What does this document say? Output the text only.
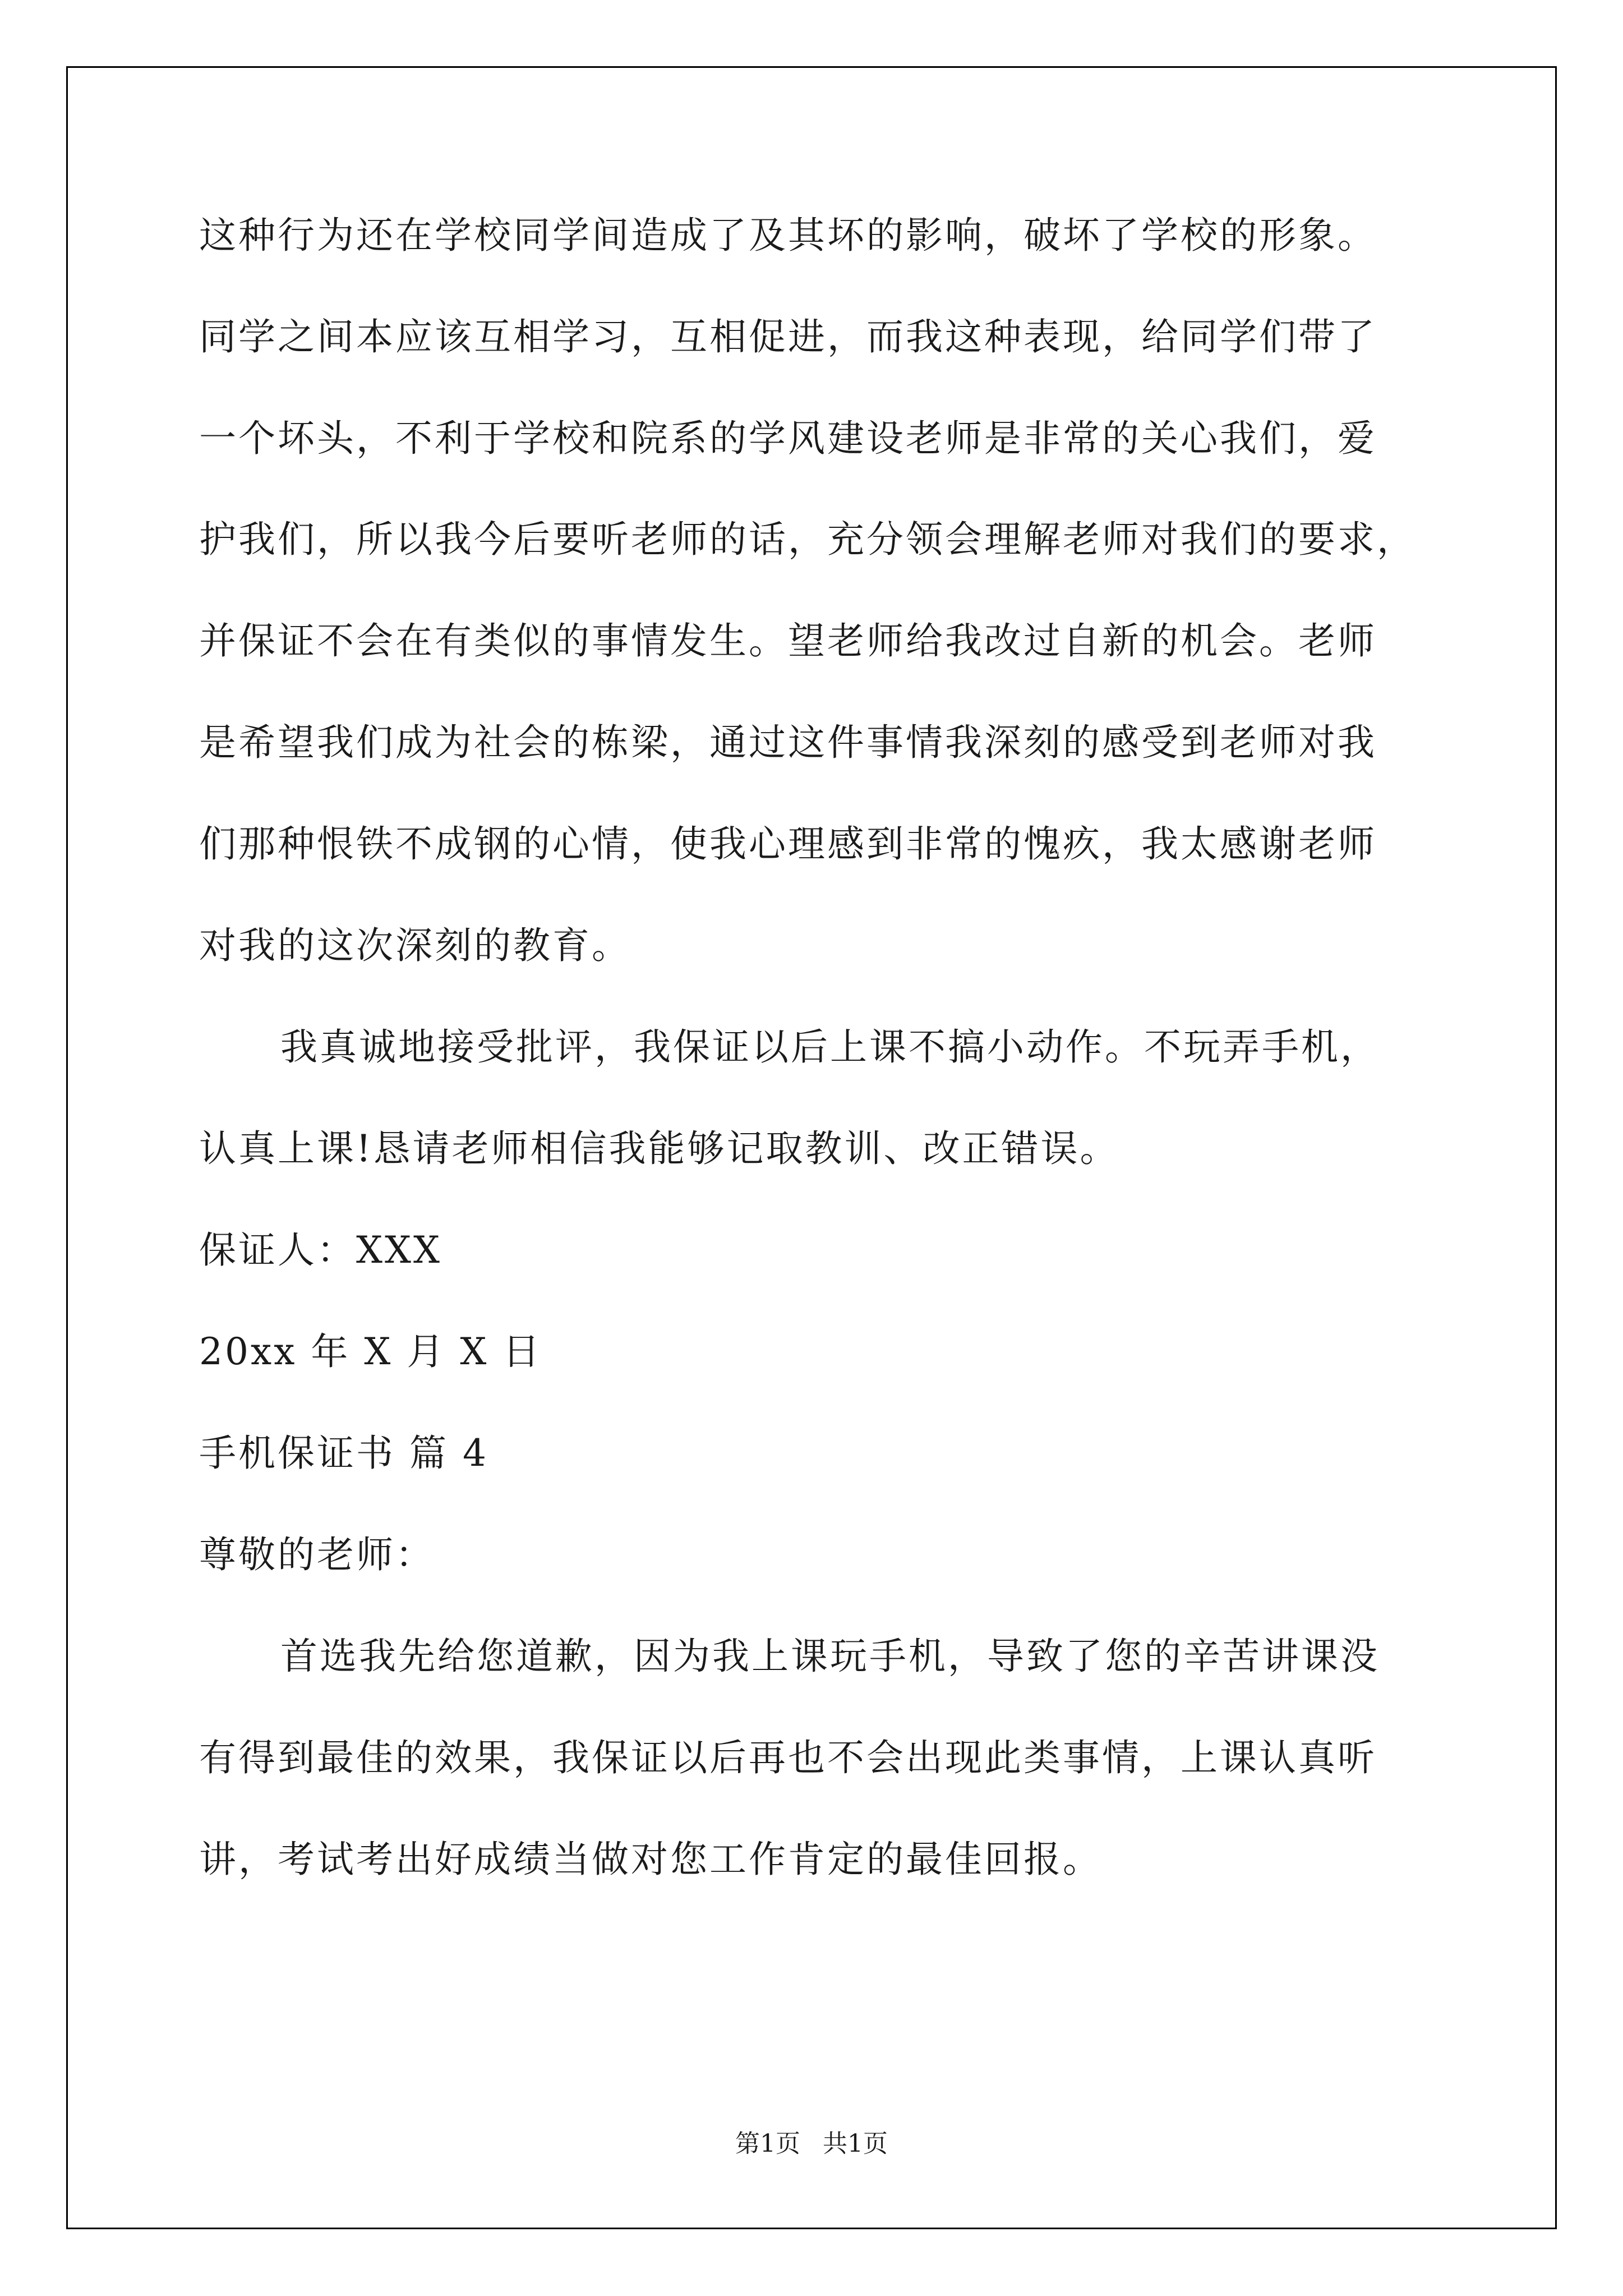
这种行为还在学校同学间造成了及其坏的影响，破坏了学校的形象。
同学之间本应该互相学习，互相促进，而我这种表现，给同学们带了
一个坏头，不利于学校和院系的学风建设老师是非常的关心我们，爱
护我们，所以我今后要听老师的话，充分领会理解老师对我们的要求，
并保证不会在有类似的事情发生。望老师给我改过自新的机会。老师
是希望我们成为社会的栋梁，通过这件事情我深刻的感受到老师对我
们那种恨铁不成钢的心情，使我心理感到非常的愧疚，我太感谢老师
对我的这次深刻的教育。
我真诚地接受批评，我保证以后上课不搞小动作。不玩弄手机，
认真上课!恳请老师相信我能够记取教训、改正错误。
保证人：XXX
20xx 年 X 月 X 日
手机保证书 篇 4
尊敬的老师：
首选我先给您道歉，因为我上课玩手机，导致了您的辛苦讲课没
有得到最佳的效果，我保证以后再也不会出现此类事情，上课认真听
讲，考试考出好成绩当做对您工作肯定的最佳回报。
第1页 共1页
